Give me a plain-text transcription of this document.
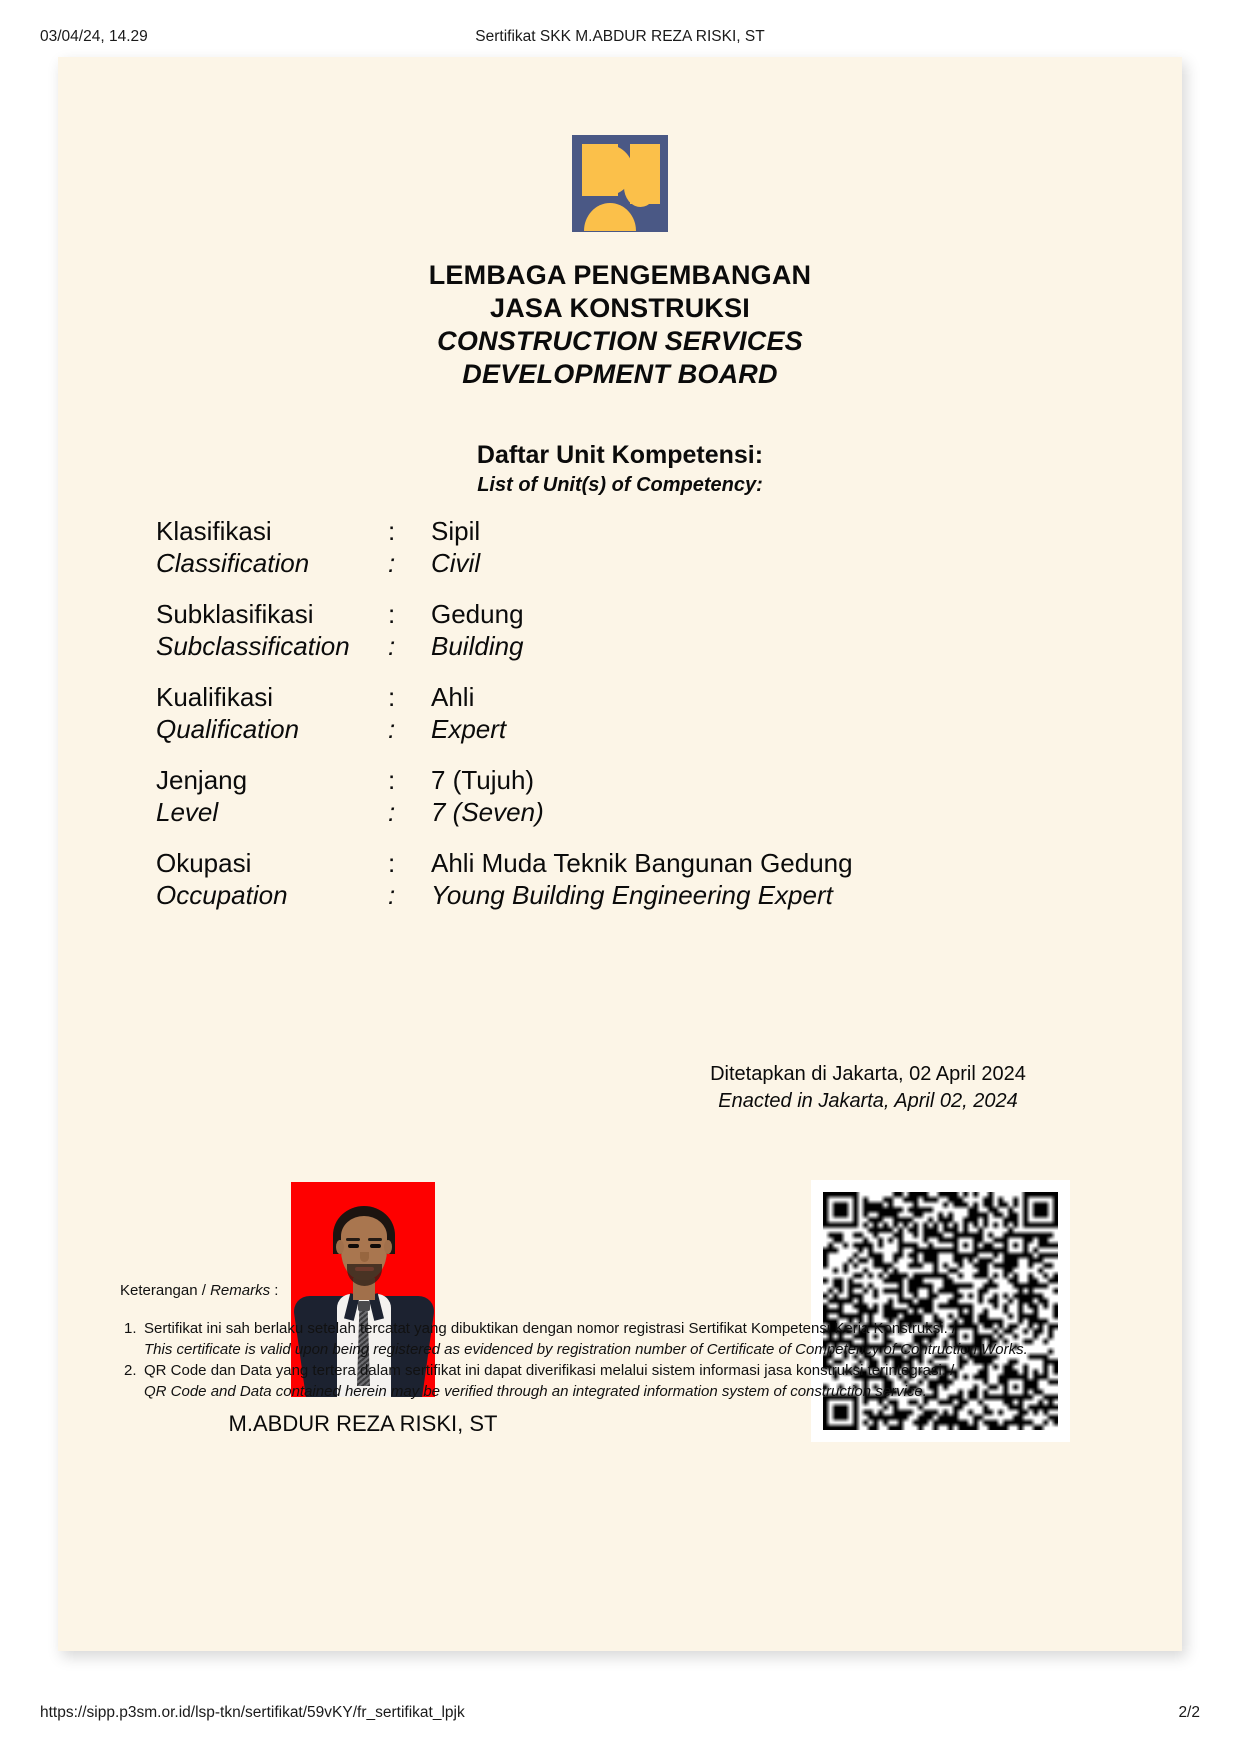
03/04/24, 14.29	Sertifikat SKK M.ABDUR REZA RISKI, ST
LEMBAGA PENGEMBANGAN
JASA KONSTRUKSI
CONSTRUCTION SERVICES
DEVELOPMENT BOARD
Daftar Unit Kompetensi:
List of Unit(s) of Competency:
Klasifikasi	:	Sipil
Classification	:	Civil
Subklasifikasi	:	Gedung
Subclassification	:	Building
Kualifikasi	:	Ahli
Qualification	:	Expert
Jenjang	:	7 (Tujuh)
Level	:	7 (Seven)
Okupasi	:	Ahli Muda Teknik Bangunan Gedung
Occupation	:	Young Building Engineering Expert
Ditetapkan di Jakarta, 02 April 2024
Enacted in Jakarta, April 02, 2024
M.ABDUR REZA RISKI, ST
Keterangan / Remarks :
Sertifikat ini sah berlaku setelah tercatat yang dibuktikan dengan nomor registrasi Sertifikat Kompetensi Kerja Konstruksi. /
This certificate is valid upon being registered as evidenced by registration number of Certificate of Competency of Contruction Works.
QR Code dan Data yang tertera dalam sertifikat ini dapat diverifikasi melalui sistem informasi jasa konstruksi terintegrasi. /
QR Code and Data contained herein may be verified through an integrated information system of construction service.
https://sipp.p3sm.or.id/lsp-tkn/sertifikat/59vKY/fr_sertifikat_lpjk	2/2
